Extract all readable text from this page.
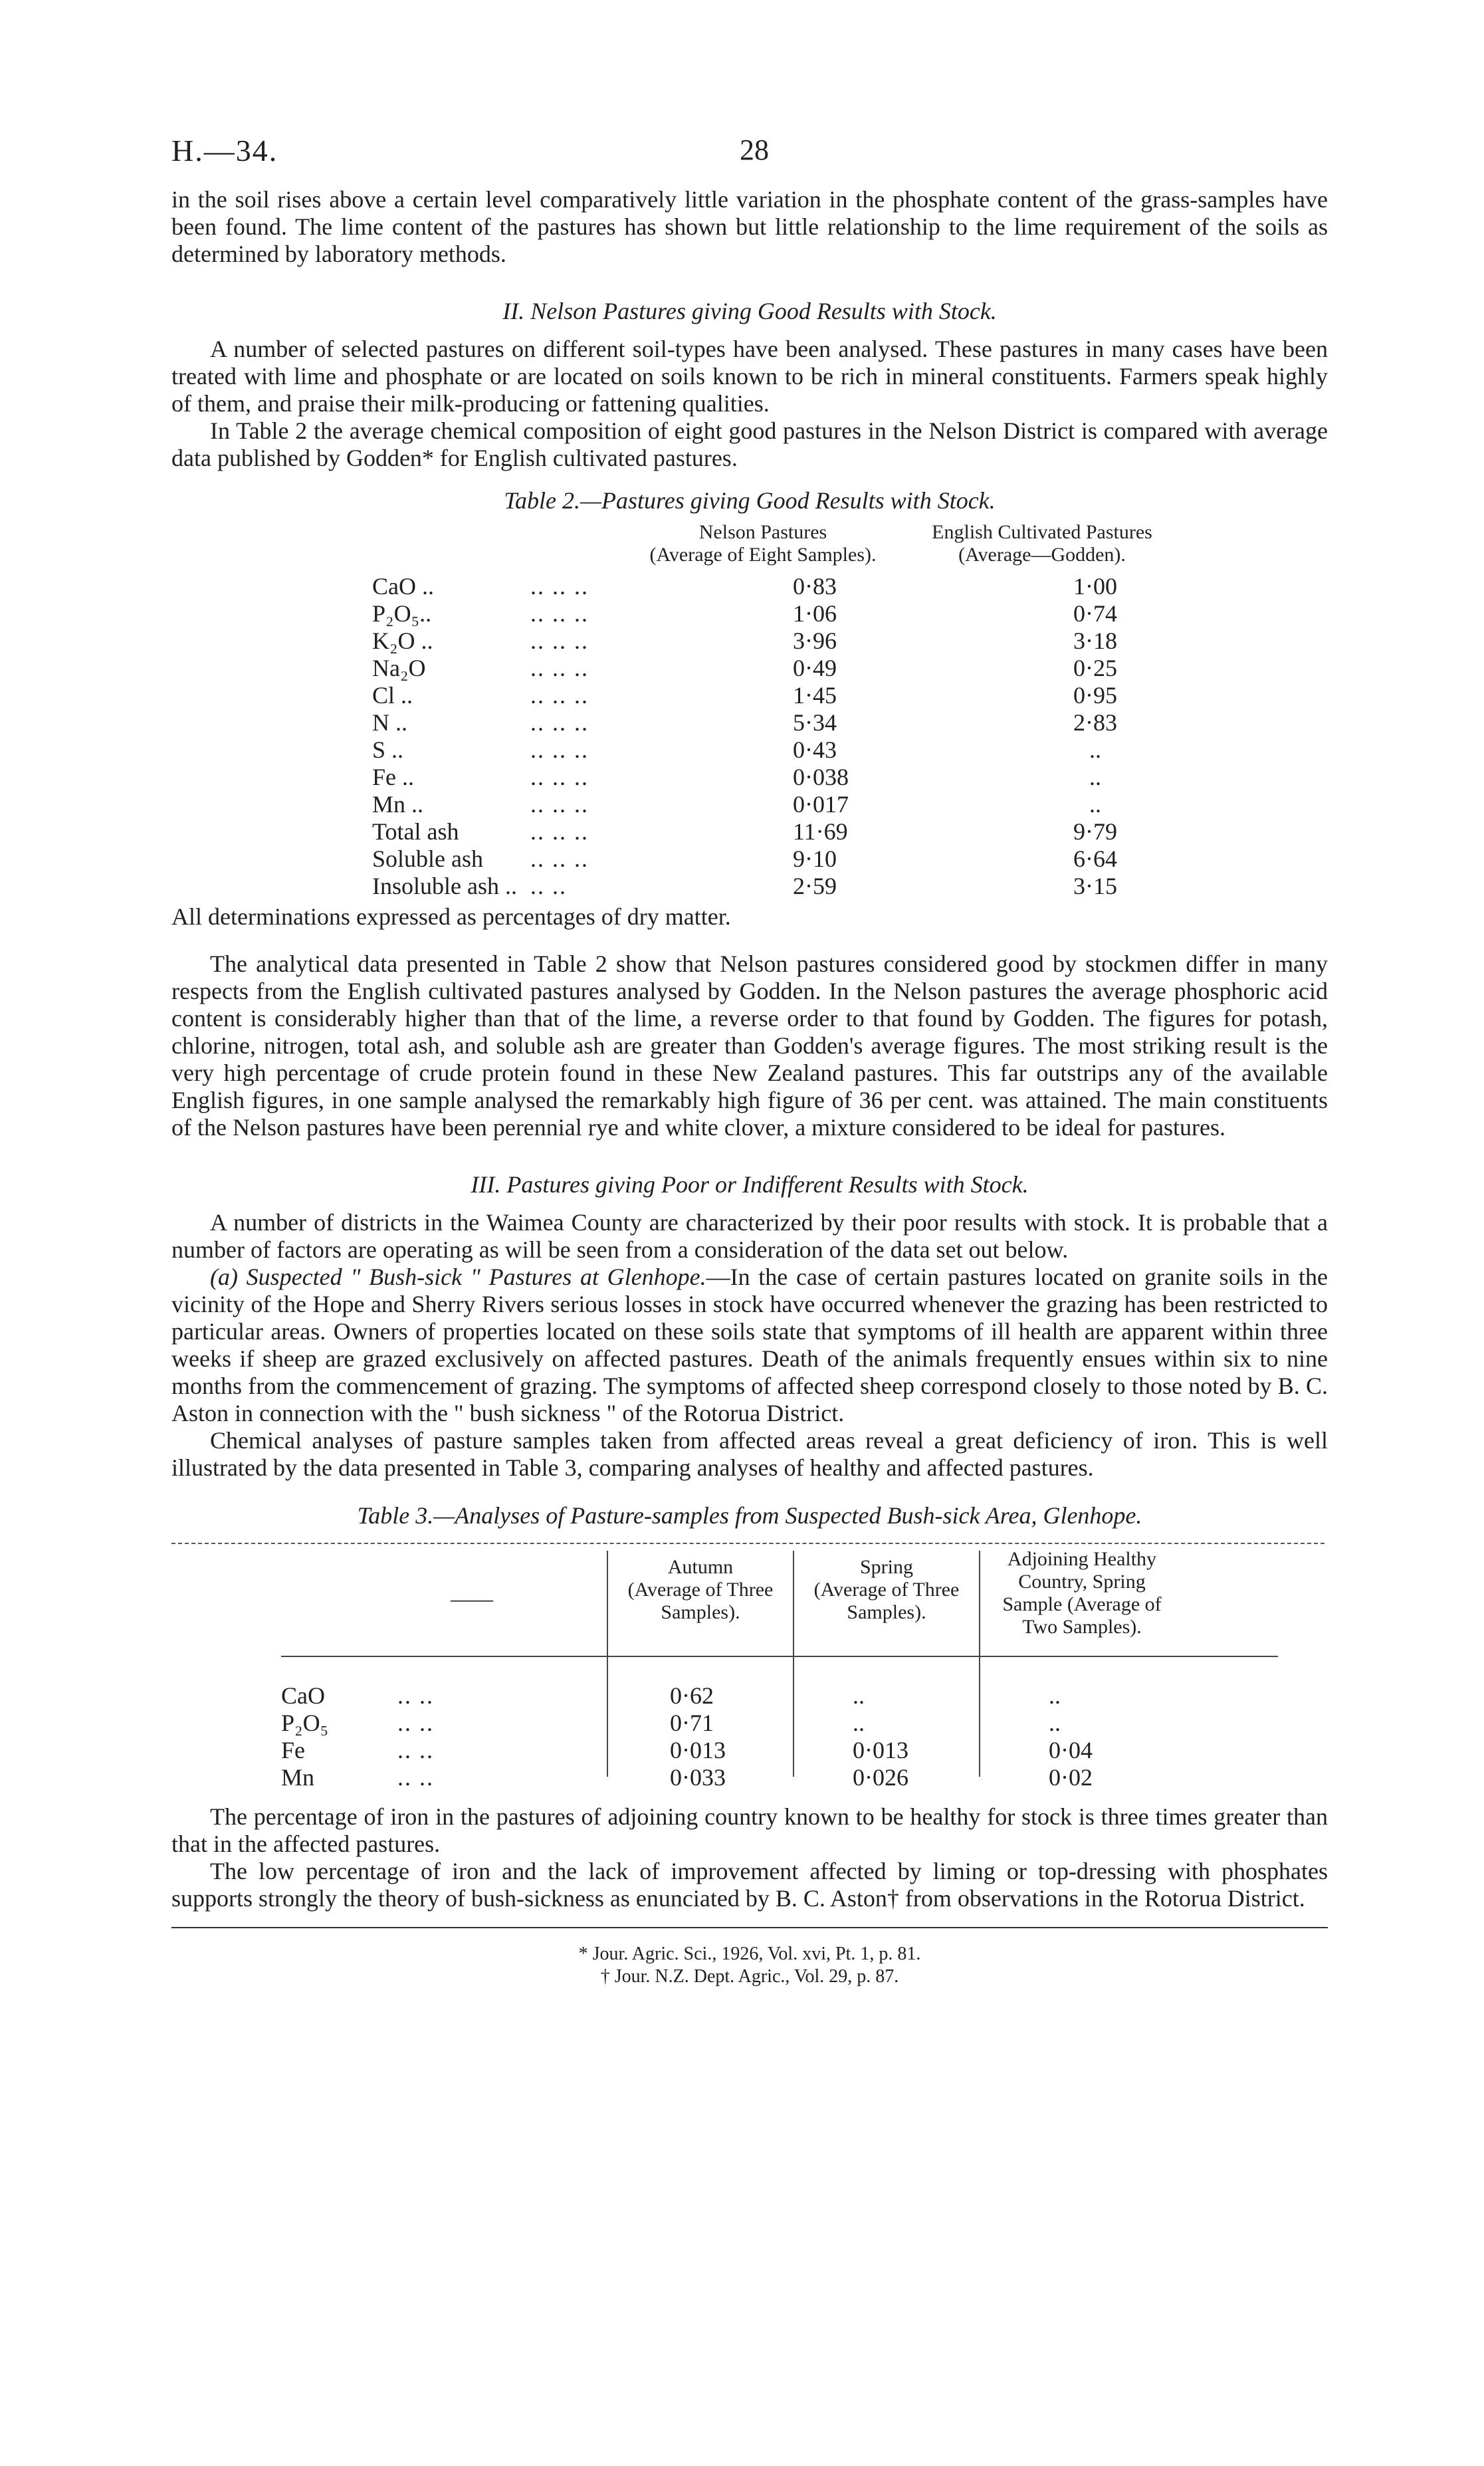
H.—34.	28

in the soil rises above a certain level comparatively little variation in the phosphate content of the grass-samples have been found. The lime content of the pastures has shown but little relationship to the lime requirement of the soils as determined by laboratory methods.

II. Nelson Pastures giving Good Results with Stock.

A number of selected pastures on different soil-types have been analysed. These pastures in many cases have been treated with lime and phosphate or are located on soils known to be rich in mineral constituents. Farmers speak highly of them, and praise their milk-producing or fattening qualities.

In Table 2 the average chemical composition of eight good pastures in the Nelson District is compared with average data published by Godden* for English cultivated pastures.

Table 2.—Pastures giving Good Results with Stock.
Nelson Pastures
(Average of Eight Samples).
English Cultivated Pastures
(Average—Godden).
CaO ..	.. .. ..	0·83	1·00
P₂O₅..	.. .. ..	1·06	0·74
K₂O ..	.. .. ..	3·96	3·18
Na₂O	.. .. ..	0·49	0·25
Cl ..	.. .. ..	1·45	0·95
N ..	.. .. ..	5·34	2·83
S ..	.. .. ..	0·43	..
Fe ..	.. .. ..	0·038	..
Mn ..	.. .. ..	0·017	..
Total ash	.. .. ..	11·69	9·79
Soluble ash .. .. ..	9·10	6·64
Insoluble ash .. .. ..	2·59	3·15
All determinations expressed as percentages of dry matter.

The analytical data presented in Table 2 show that Nelson pastures considered good by stockmen differ in many respects from the English cultivated pastures analysed by Godden. In the Nelson pastures the average phosphoric acid content is considerably higher than that of the lime, a reverse order to that found by Godden. The figures for potash, chlorine, nitrogen, total ash, and soluble ash are greater than Godden's average figures. The most striking result is the very high percentage of crude protein found in these New Zealand pastures. This far outstrips any of the available English figures, in one sample analysed the remarkably high figure of 36 per cent. was attained. The main constituents of the Nelson pastures have been perennial rye and white clover, a mixture considered to be ideal for pastures.

III. Pastures giving Poor or Indifferent Results with Stock.

A number of districts in the Waimea County are characterized by their poor results with stock. It is probable that a number of factors are operating as will be seen from a consideration of the data set out below.

(a) Suspected " Bush-sick " Pastures at Glenhope.—In the case of certain pastures located on granite soils in the vicinity of the Hope and Sherry Rivers serious losses in stock have occurred whenever the grazing has been restricted to particular areas. Owners of properties located on these soils state that symptoms of ill health are apparent within three weeks if sheep are grazed exclusively on affected pastures. Death of the animals frequently ensues within six to nine months from the commencement of grazing. The symptoms of affected sheep correspond closely to those noted by B. C. Aston in connection with the " bush sickness " of the Rotorua District.

Chemical analyses of pasture samples taken from affected areas reveal a great deficiency of iron. This is well illustrated by the data presented in Table 3, comparing analyses of healthy and affected pastures.

Table 3.—Analyses of Pasture-samples from Suspected Bush-sick Area, Glenhope.
——
Autumn
(Average of Three
Samples).
Spring
(Average of Three
Samples).
Adjoining Healthy
Country, Spring
Sample (Average of
Two Samples).
CaO	.. ..	0·62	..	..
P₂O₅	.. ..	0·71	..	..
Fe	.. ..	0·013	0·013	0·04
Mn	.. ..	0·033	0·026	0·02

The percentage of iron in the pastures of adjoining country known to be healthy for stock is three times greater than that in the affected pastures.

The low percentage of iron and the lack of improvement affected by liming or top-dressing with phosphates supports strongly the theory of bush-sickness as enunciated by B. C. Aston† from observations in the Rotorua District.

* Jour. Agric. Sci., 1926, Vol. xvi, Pt. 1, p. 81.
† Jour. N.Z. Dept. Agric., Vol. 29, p. 87.
